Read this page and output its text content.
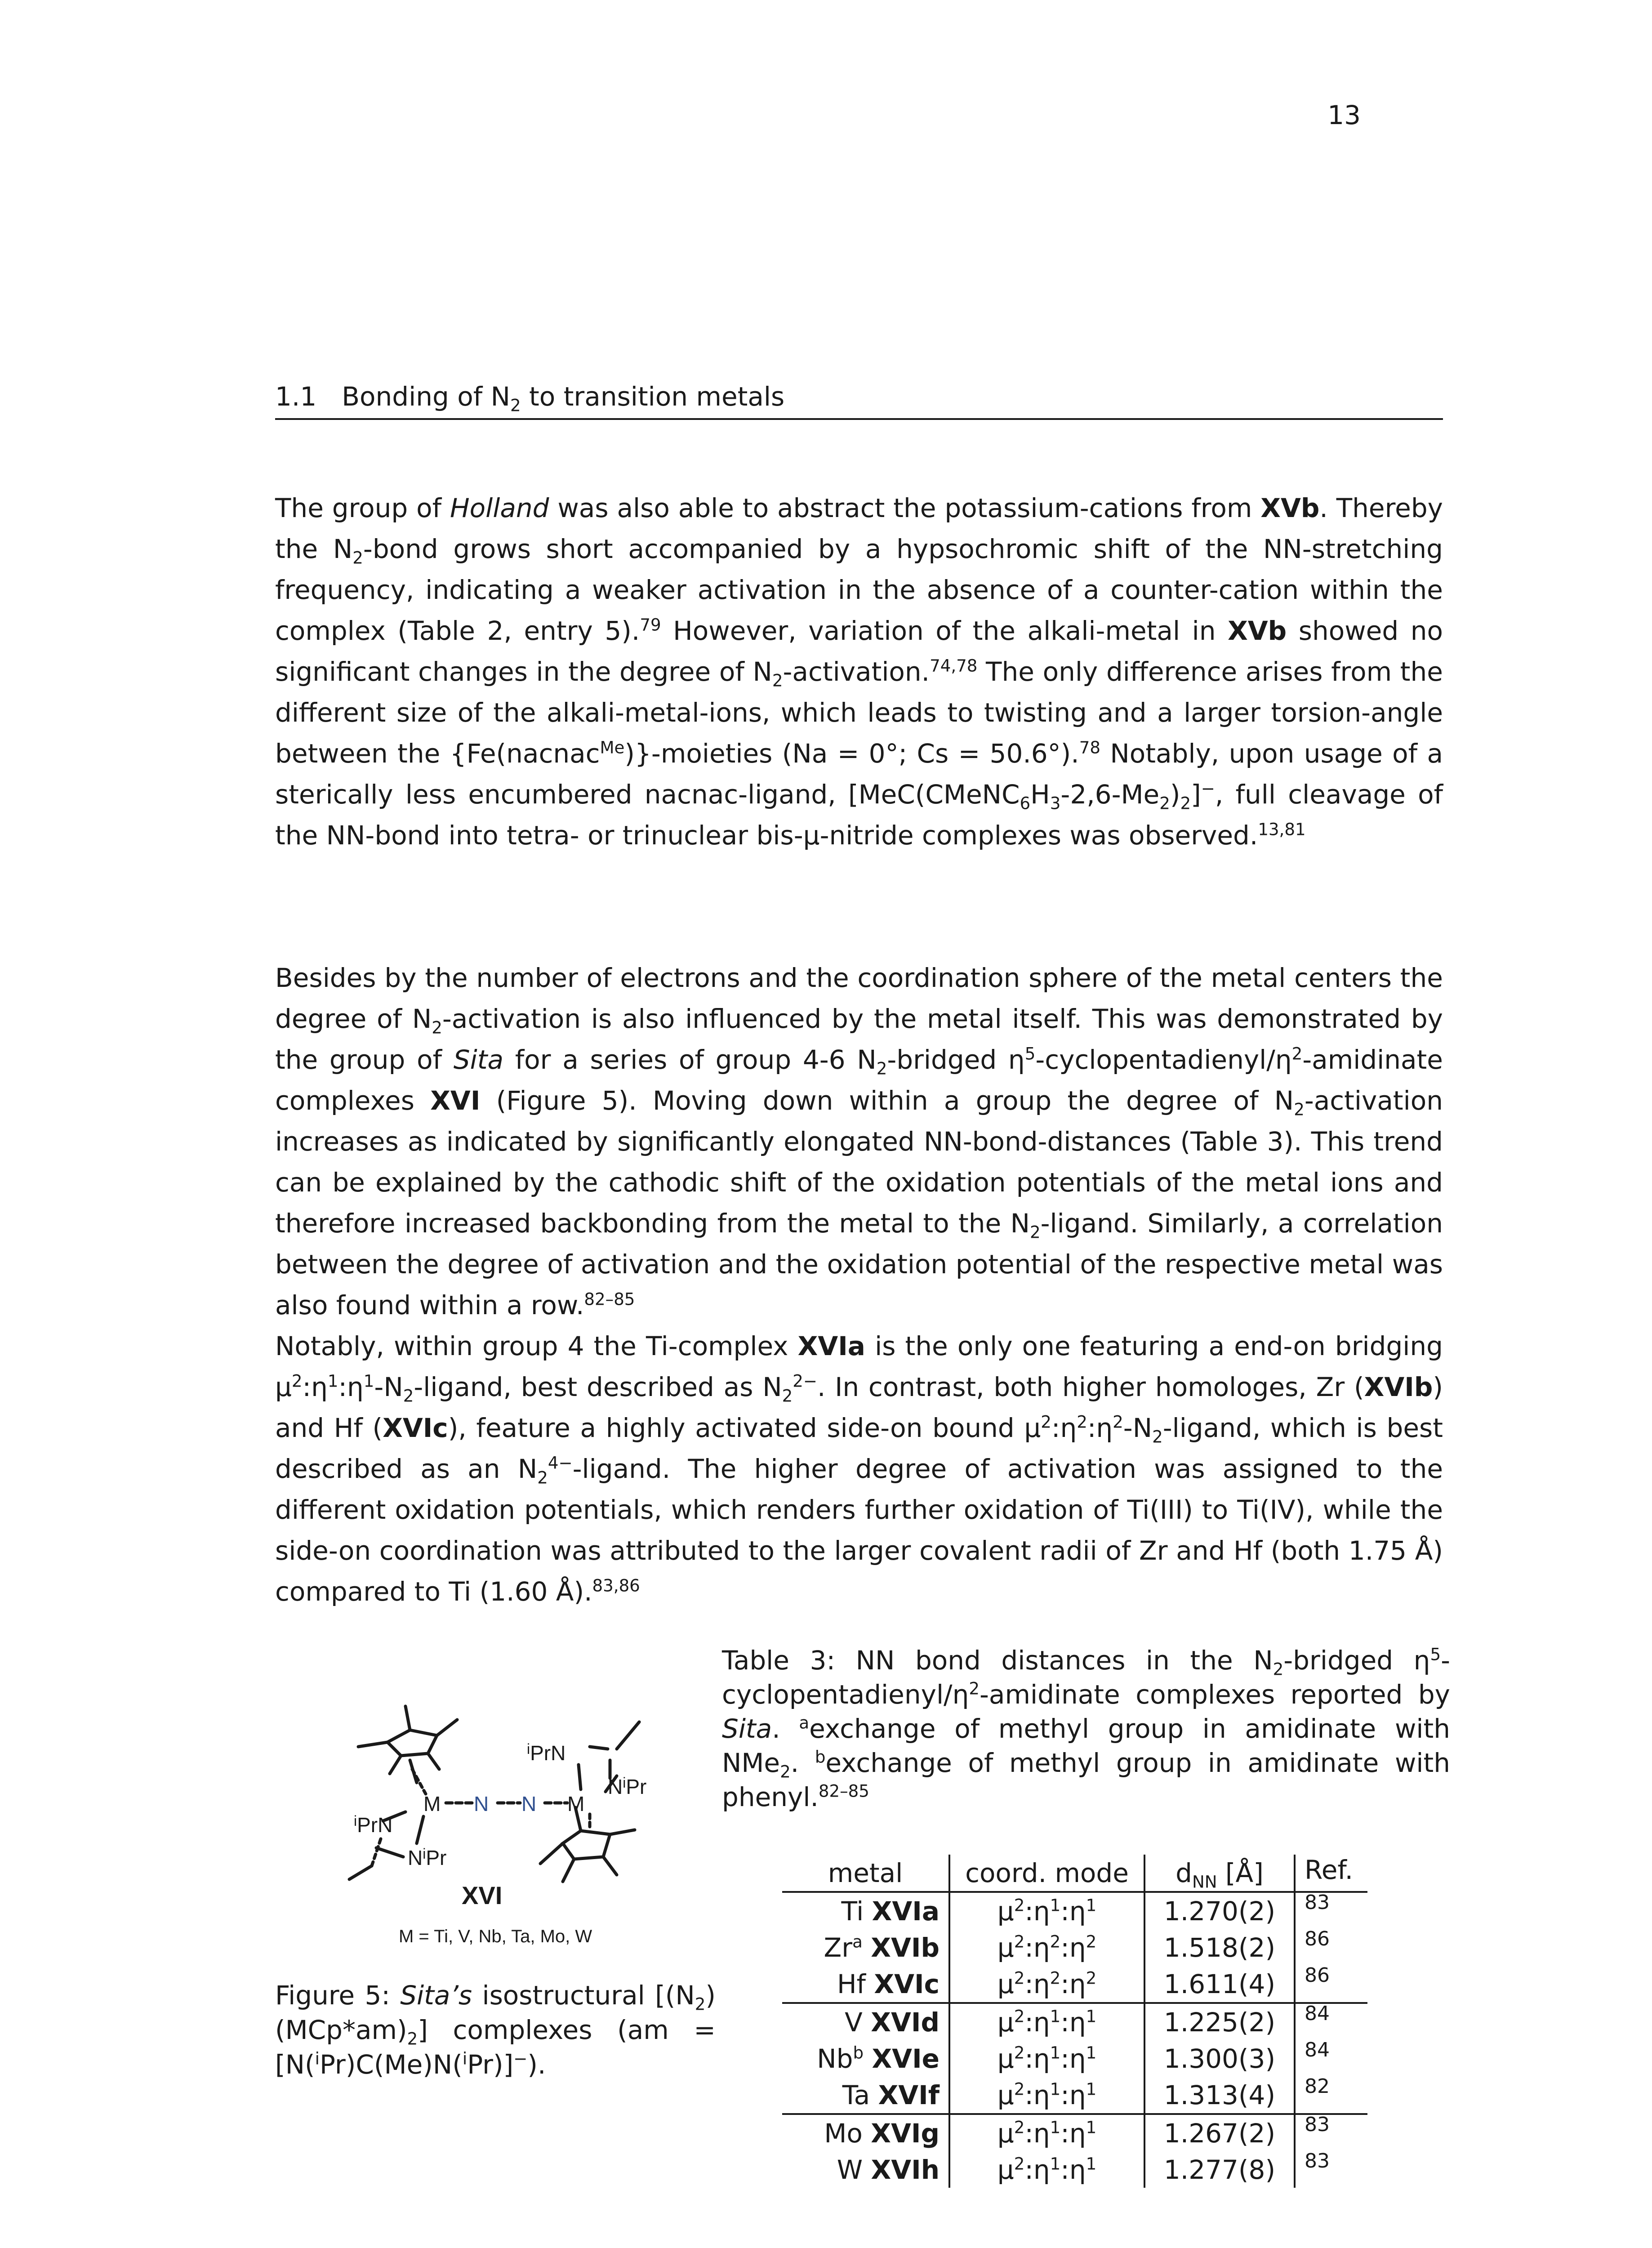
13
1.1 Bonding of $N_2$ to transition metals

The group of Holland was also able to abstract the potassium-cations from XVb. Thereby the $N_2$-bond grows short accompanied by a hypsochromic shift of the NN-stretching frequency, indicating a weaker activation in the absence of a counter-cation within the complex (Table 2, entry 5).$^{79}$ However, variation of the alkali-metal in XVb showed no significant changes in the degree of $N_2-activation.^{74,78}$ The only difference arises from the different size of the alkali-metal-ions, which leads to twisting and a larger torsion-angle between the {Fe(nacnac$^{Me}$)}-moieties (Na = 0°; Cs = 50.6°).$^{78}$ Notably, upon usage of a sterically less encumbered nacnac-ligand, $[MeC(CMeNC_6H_3-2,6-Me_2)_2]^-$, full cleavage of the NN-bond into tetra- or trinuclear bis-μ-nitride complexes was observed.$^{13,81}$

Besides by the number of electrons and the coordination sphere of the metal centers the degree of $N_2$-activation is also influenced by the metal itself. This was demonstrated by the group of Sita for a series of group 4-6 $N_2$-bridged $\eta^5-cyclopentadienyl/\eta^2$-amidinate complexes XVI (Figure 5). Moving down within a group the degree of $N_2$-activation increases as indicated by significantly elongated NN-bond-distances (Table 3). This trend can be explained by the cathodic shift of the oxidation potentials of the metal ions and therefore increased backbonding from the metal to the $N_2$-ligand. Similarly, a correlation between the degree of activation and the oxidation potential of the respective metal was also found within a row.$^{82-85}$

Notably, within group 4 the Ti-complex XVIa is the only one featuring a end-on bridging $\mu^2:\eta^1:\eta^1-N_2$-ligand, best described as $N_2^{2-}$. In contrast, both higher homologes, Zr (XVIb) and Hf (XVIc), feature a highly activated side-on bound $\mu^2:\eta^2:\eta^2-N_2$-ligand, which is best described as an $N_2^{4-}$-ligand. The higher degree of activation was assigned to the different oxidation potentials, which renders further oxidation of Ti(III) to Ti(IV), while the side-on coordination was attributed to the larger covalent radii of Zr and Hf (both 1.75 Å) compared to Ti (1.60 Å).$^{83,86}$

$^i$PrN
$N^iPr$
M N N M
$^i$PrN
$N^iPr$
XVI
M = Ti, V, Nb, Ta, Mo, W
Figure 5: Sita’s isostructural $[(N_2)(MCp*am)_2]$ complexes (am = [N($^i$Pr)C(Me)N($^i$Pr)]−).
Table 3: NN bond distances in the $N_2$-bridged $\eta^5-cyclopentadienyl/\eta^2$-amidinate complexes reported by Sita. $^a$exchange of methyl group in amidinate with NMe$_2$. $^b$exchange of methyl group in amidinate with phenyl.$^{82-85}$
metal	coord. mode	$d_{NN}$ [Å]	Ref.
Ti XVIa	$\mu^2:\eta^1:\eta^1$	1.270(2)	$^{83}$
Zr$^a$ XVIb	$\mu^2:\eta^2:\eta^2$	1.518(2)	$^{86}$
Hf XVIc	$\mu^2:\eta^2:\eta^2$	1.611(4)	$^{86}$
V XVId	$\mu^2:\eta^1:\eta^1$	1.225(2)	$^{84}$
Nb$^b$ XVIe	$\mu^2:\eta^1:\eta^1$	1.300(3)	$^{84}$
Ta XVIf	$\mu^2:\eta^1:\eta^1$	1.313(4)	$^{82}$
Mo XVIg	$\mu^2:\eta^1:\eta^1$	1.267(2)	$^{83}$
W XVIh	$\mu^2:\eta^1:\eta^1$	1.277(8)	$^{83}$
